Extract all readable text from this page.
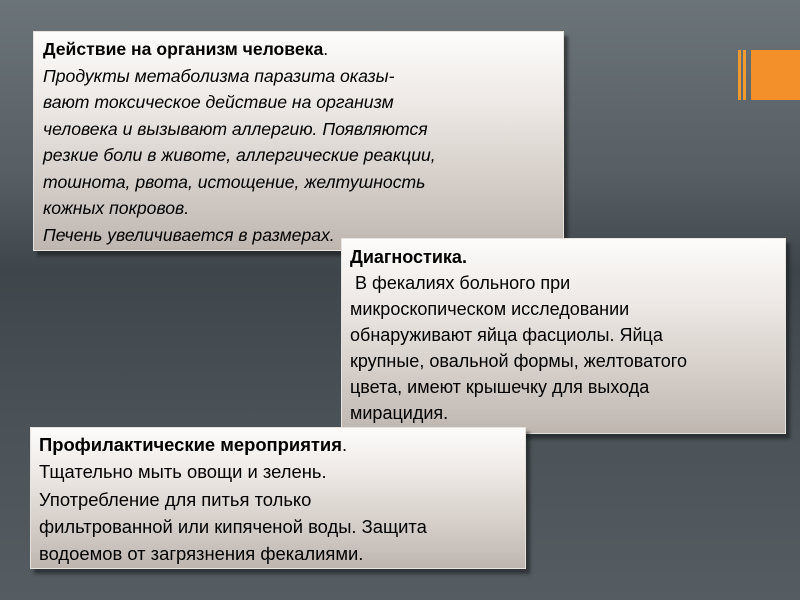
Действие на организм человека.
Продукты метаболизма паразита оказы-
вают токсическое действие на организм
человека и вызывают аллергию. Появляются
резкие боли в животе, аллергические реакции,
тошнота, рвота, истощение, желтушность
кожных покровов.
Печень увеличивается в размерах.
Диагностика.
В фекалиях больного при
микроскопическом исследовании
обнаруживают яйца фасциолы. Яйца
крупные, овальной формы, желтоватого
цвета, имеют крышечку для выхода
мирацидия.
Профилактические мероприятия.
Тщательно мыть овощи и зелень.
Употребление для питья только
фильтрованной или кипяченой воды. Защита
водоемов от загрязнения фекалиями.
